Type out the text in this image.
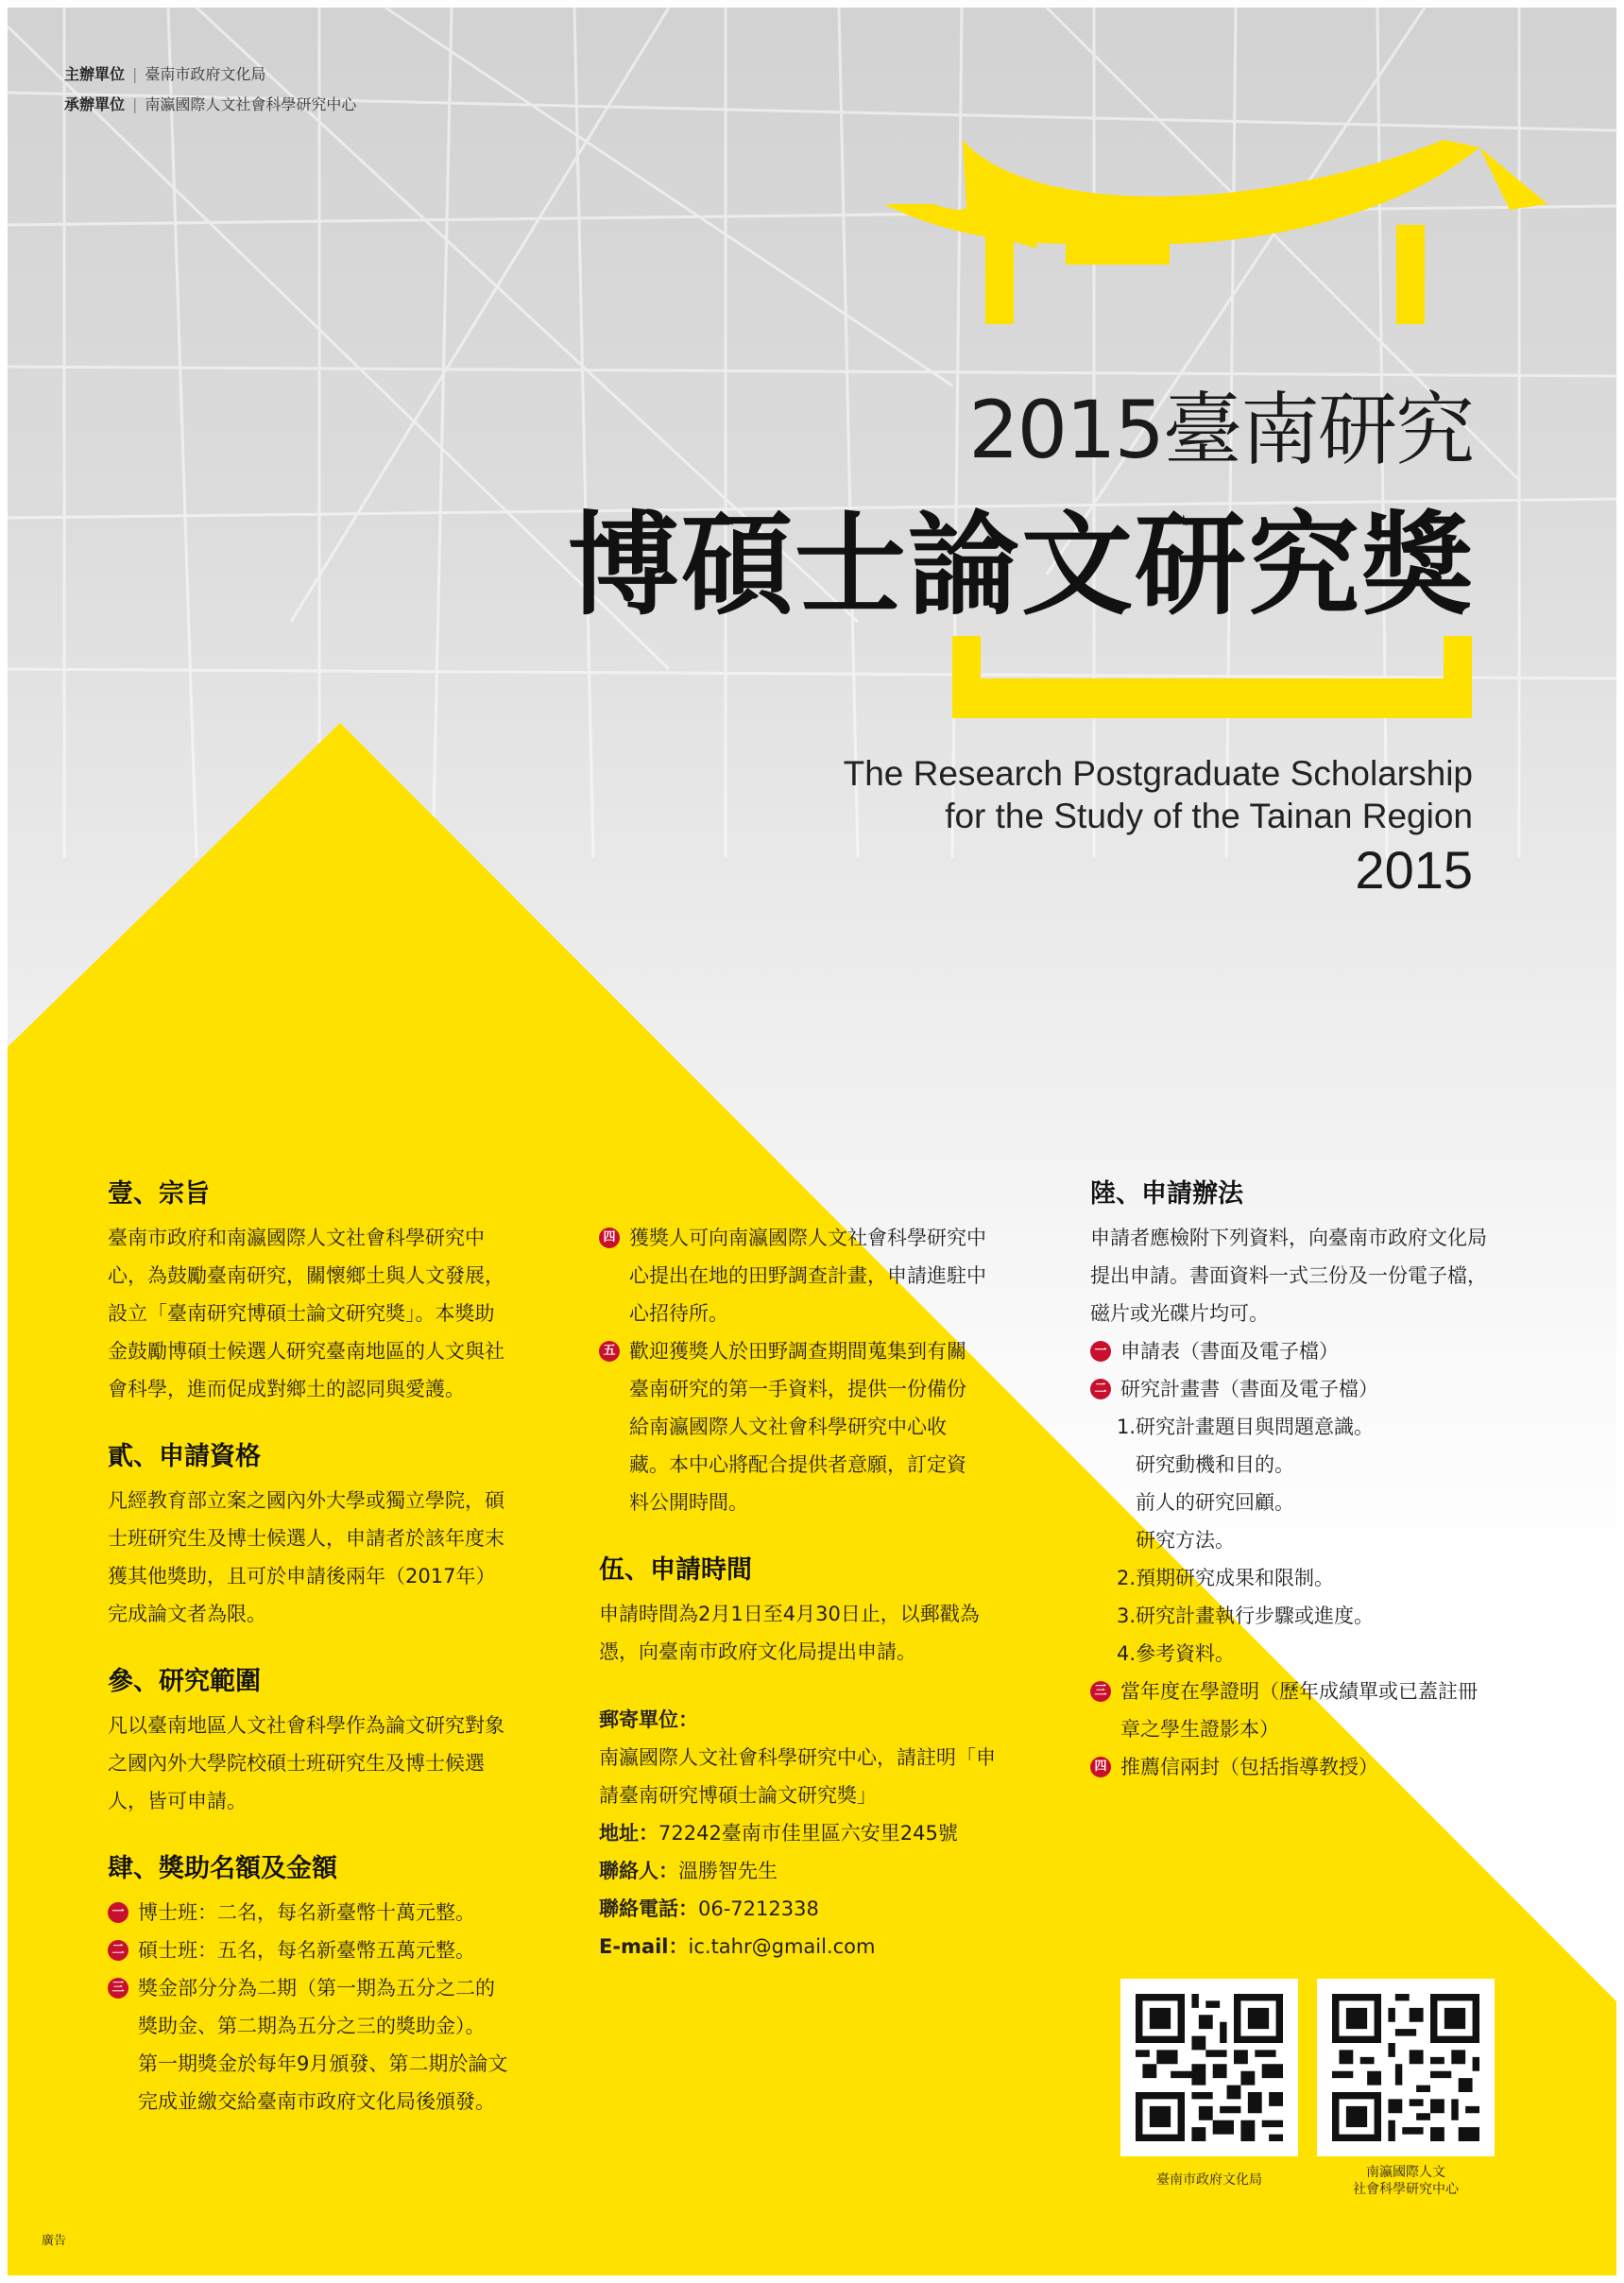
主辦單位 | 臺南市政府文化局
承辦單位 | 南瀛國際人文社會科學研究中心
2015臺南研究
博碩士論文研究獎
The Research Postgraduate Scholarship
for the Study of the Tainan Region
2015
壹、宗旨

臺南市政府和南瀛國際人文社會科學研究中

心，為鼓勵臺南研究，關懷鄉土與人文發展，

設立「臺南研究博碩士論文研究獎」。本獎助

金鼓勵博碩士候選人研究臺南地區的人文與社

會科學，進而促成對鄉土的認同與愛護。

貳、申請資格

凡經教育部立案之國內外大學或獨立學院，碩

士班研究生及博士候選人，申請者於該年度末

獲其他獎助，且可於申請後兩年（2017年）

完成論文者為限。

參、研究範圍

凡以臺南地區人文社會科學作為論文研究對象

之國內外大學院校碩士班研究生及博士候選

人，皆可申請。

肆、獎助名額及金額
一 博士班：二名，每名新臺幣十萬元整。

二 碩士班：五名，每名新臺幣五萬元整。

三 獎金部分分為二期（第一期為五分之二的

獎助金、第二期為五分之三的獎助金）。

第一期獎金於每年9月頒發、第二期於論文

完成並繳交給臺南市政府文化局後頒發。

四 獲獎人可向南瀛國際人文社會科學研究中

心提出在地的田野調查計畫，申請進駐中

心招待所。

五 歡迎獲獎人於田野調查期間蒐集到有關

臺南研究的第一手資料，提供一份備份

給南瀛國際人文社會科學研究中心收

藏。本中心將配合提供者意願，訂定資

料公開時間。

伍、申請時間

申請時間為2月1日至4月30日止，以郵戳為

憑，向臺南市政府文化局提出申請。

郵寄單位：

南瀛國際人文社會科學研究中心，請註明「申

請臺南研究博碩士論文研究獎」

地址：72242臺南市佳里區六安里245號

聯絡人：溫勝智先生

聯絡電話：06-7212338

E-mail：ic.tahr@gmail.com

陸、申請辦法

申請者應檢附下列資料，向臺南市政府文化局

提出申請。書面資料一式三份及一份電子檔，

磁片或光碟片均可。

一 申請表（書面及電子檔）

二 研究計畫書（書面及電子檔）

1.研究計畫題目與問題意識。

研究動機和目的。

前人的研究回顧。

研究方法。

2.預期研究成果和限制。

3.研究計畫執行步驟或進度。

4.參考資料。

三 當年度在學證明（歷年成績單或已蓋註冊

章之學生證影本）

四 推薦信兩封（包括指導教授）

臺南市政府文化局	南瀛國際人文
社會科學研究中心
廣告
